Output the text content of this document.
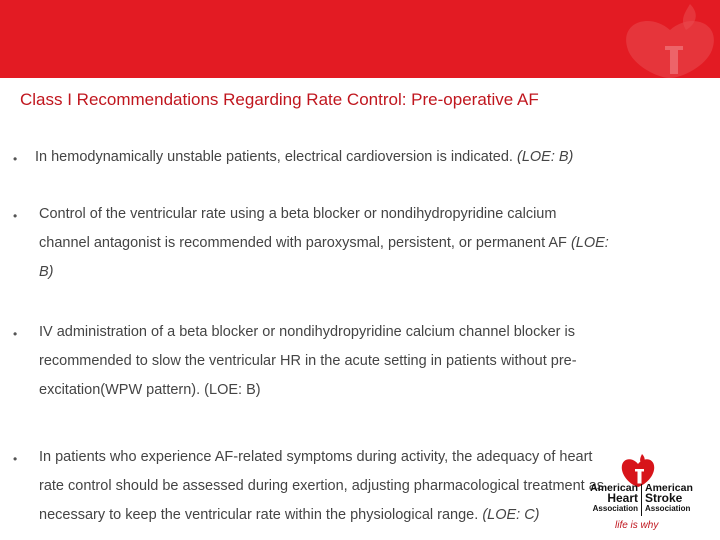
Class I Recommendations Regarding Rate Control: Pre-operative AF
• In hemodynamically unstable patients, electrical cardioversion is indicated. (LOE: B)
• Control of the ventricular rate using a beta blocker or nondihydropyridine calcium
channel antagonist is recommended with paroxysmal, persistent, or permanent AF (LOE:
B)
• IV administration of a beta blocker or nondihydropyridine calcium channel blocker is
recommended to slow the ventricular HR in the acute setting in patients without pre-
excitation(WPW pattern). (LOE: B)
• In patients who experience AF-related symptoms during activity, the adequacy of heart
rate control should be assessed during exertion, adjusting pharmacological treatment as
necessary to keep the ventricular rate within the physiological range. (LOE: C)
American
Heart
Association
American
Stroke
Association
life is why
